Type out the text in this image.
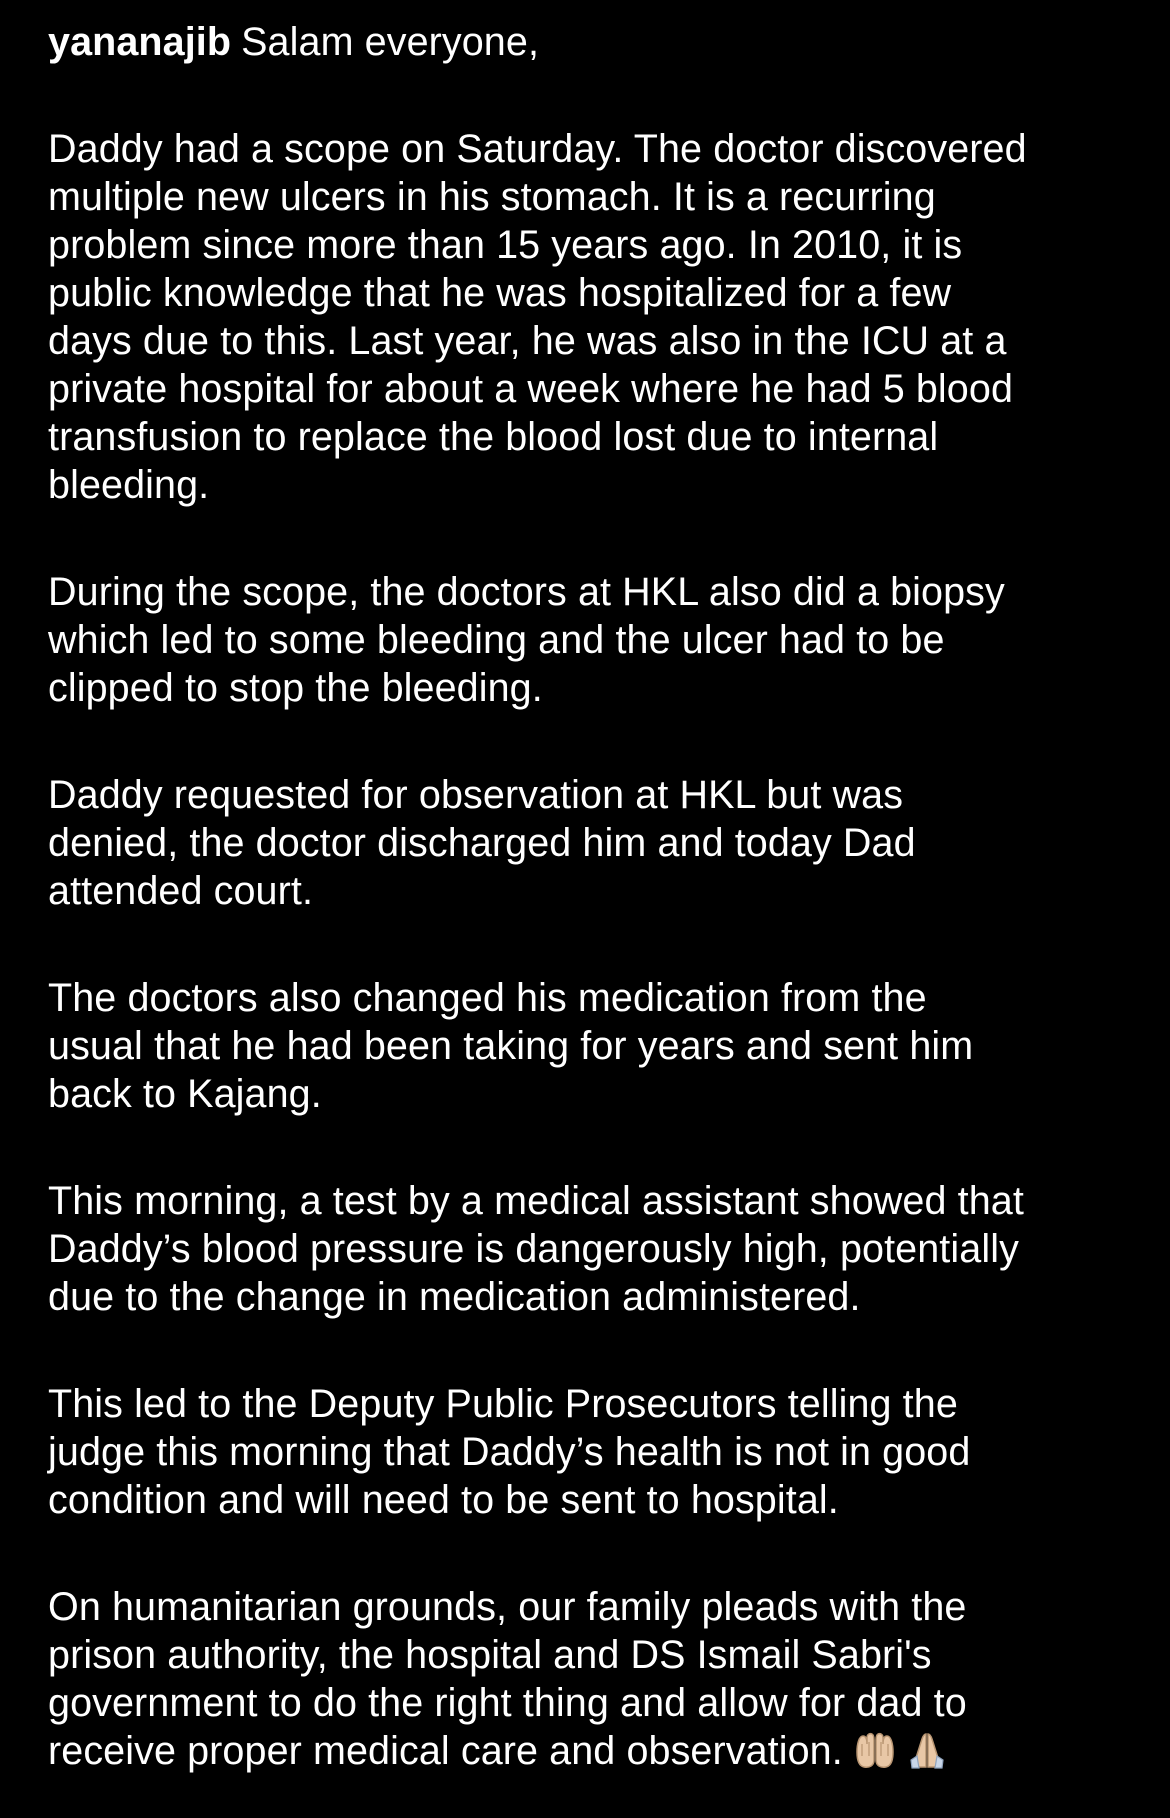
yananajib Salam everyone,
Daddy had a scope on Saturday. The doctor discovered
multiple new ulcers in his stomach. It is a recurring
problem since more than 15 years ago. In 2010, it is
public knowledge that he was hospitalized for a few
days due to this. Last year, he was also in the ICU at a
private hospital for about a week where he had 5 blood
transfusion to replace the blood lost due to internal
bleeding.
During the scope, the doctors at HKL also did a biopsy
which led to some bleeding and the ulcer had to be
clipped to stop the bleeding.
Daddy requested for observation at HKL but was
denied, the doctor discharged him and today Dad
attended court.
The doctors also changed his medication from the
usual that he had been taking for years and sent him
back to Kajang.
This morning, a test by a medical assistant showed that
Daddy’s blood pressure is dangerously high, potentially
due to the change in medication administered.
This led to the Deputy Public Prosecutors telling the
judge this morning that Daddy’s health is not in good
condition and will need to be sent to hospital.
On humanitarian grounds, our family pleads with the
prison authority, the hospital and DS Ismail Sabri's
government to do the right thing and allow for dad to
receive proper medical care and observation.
